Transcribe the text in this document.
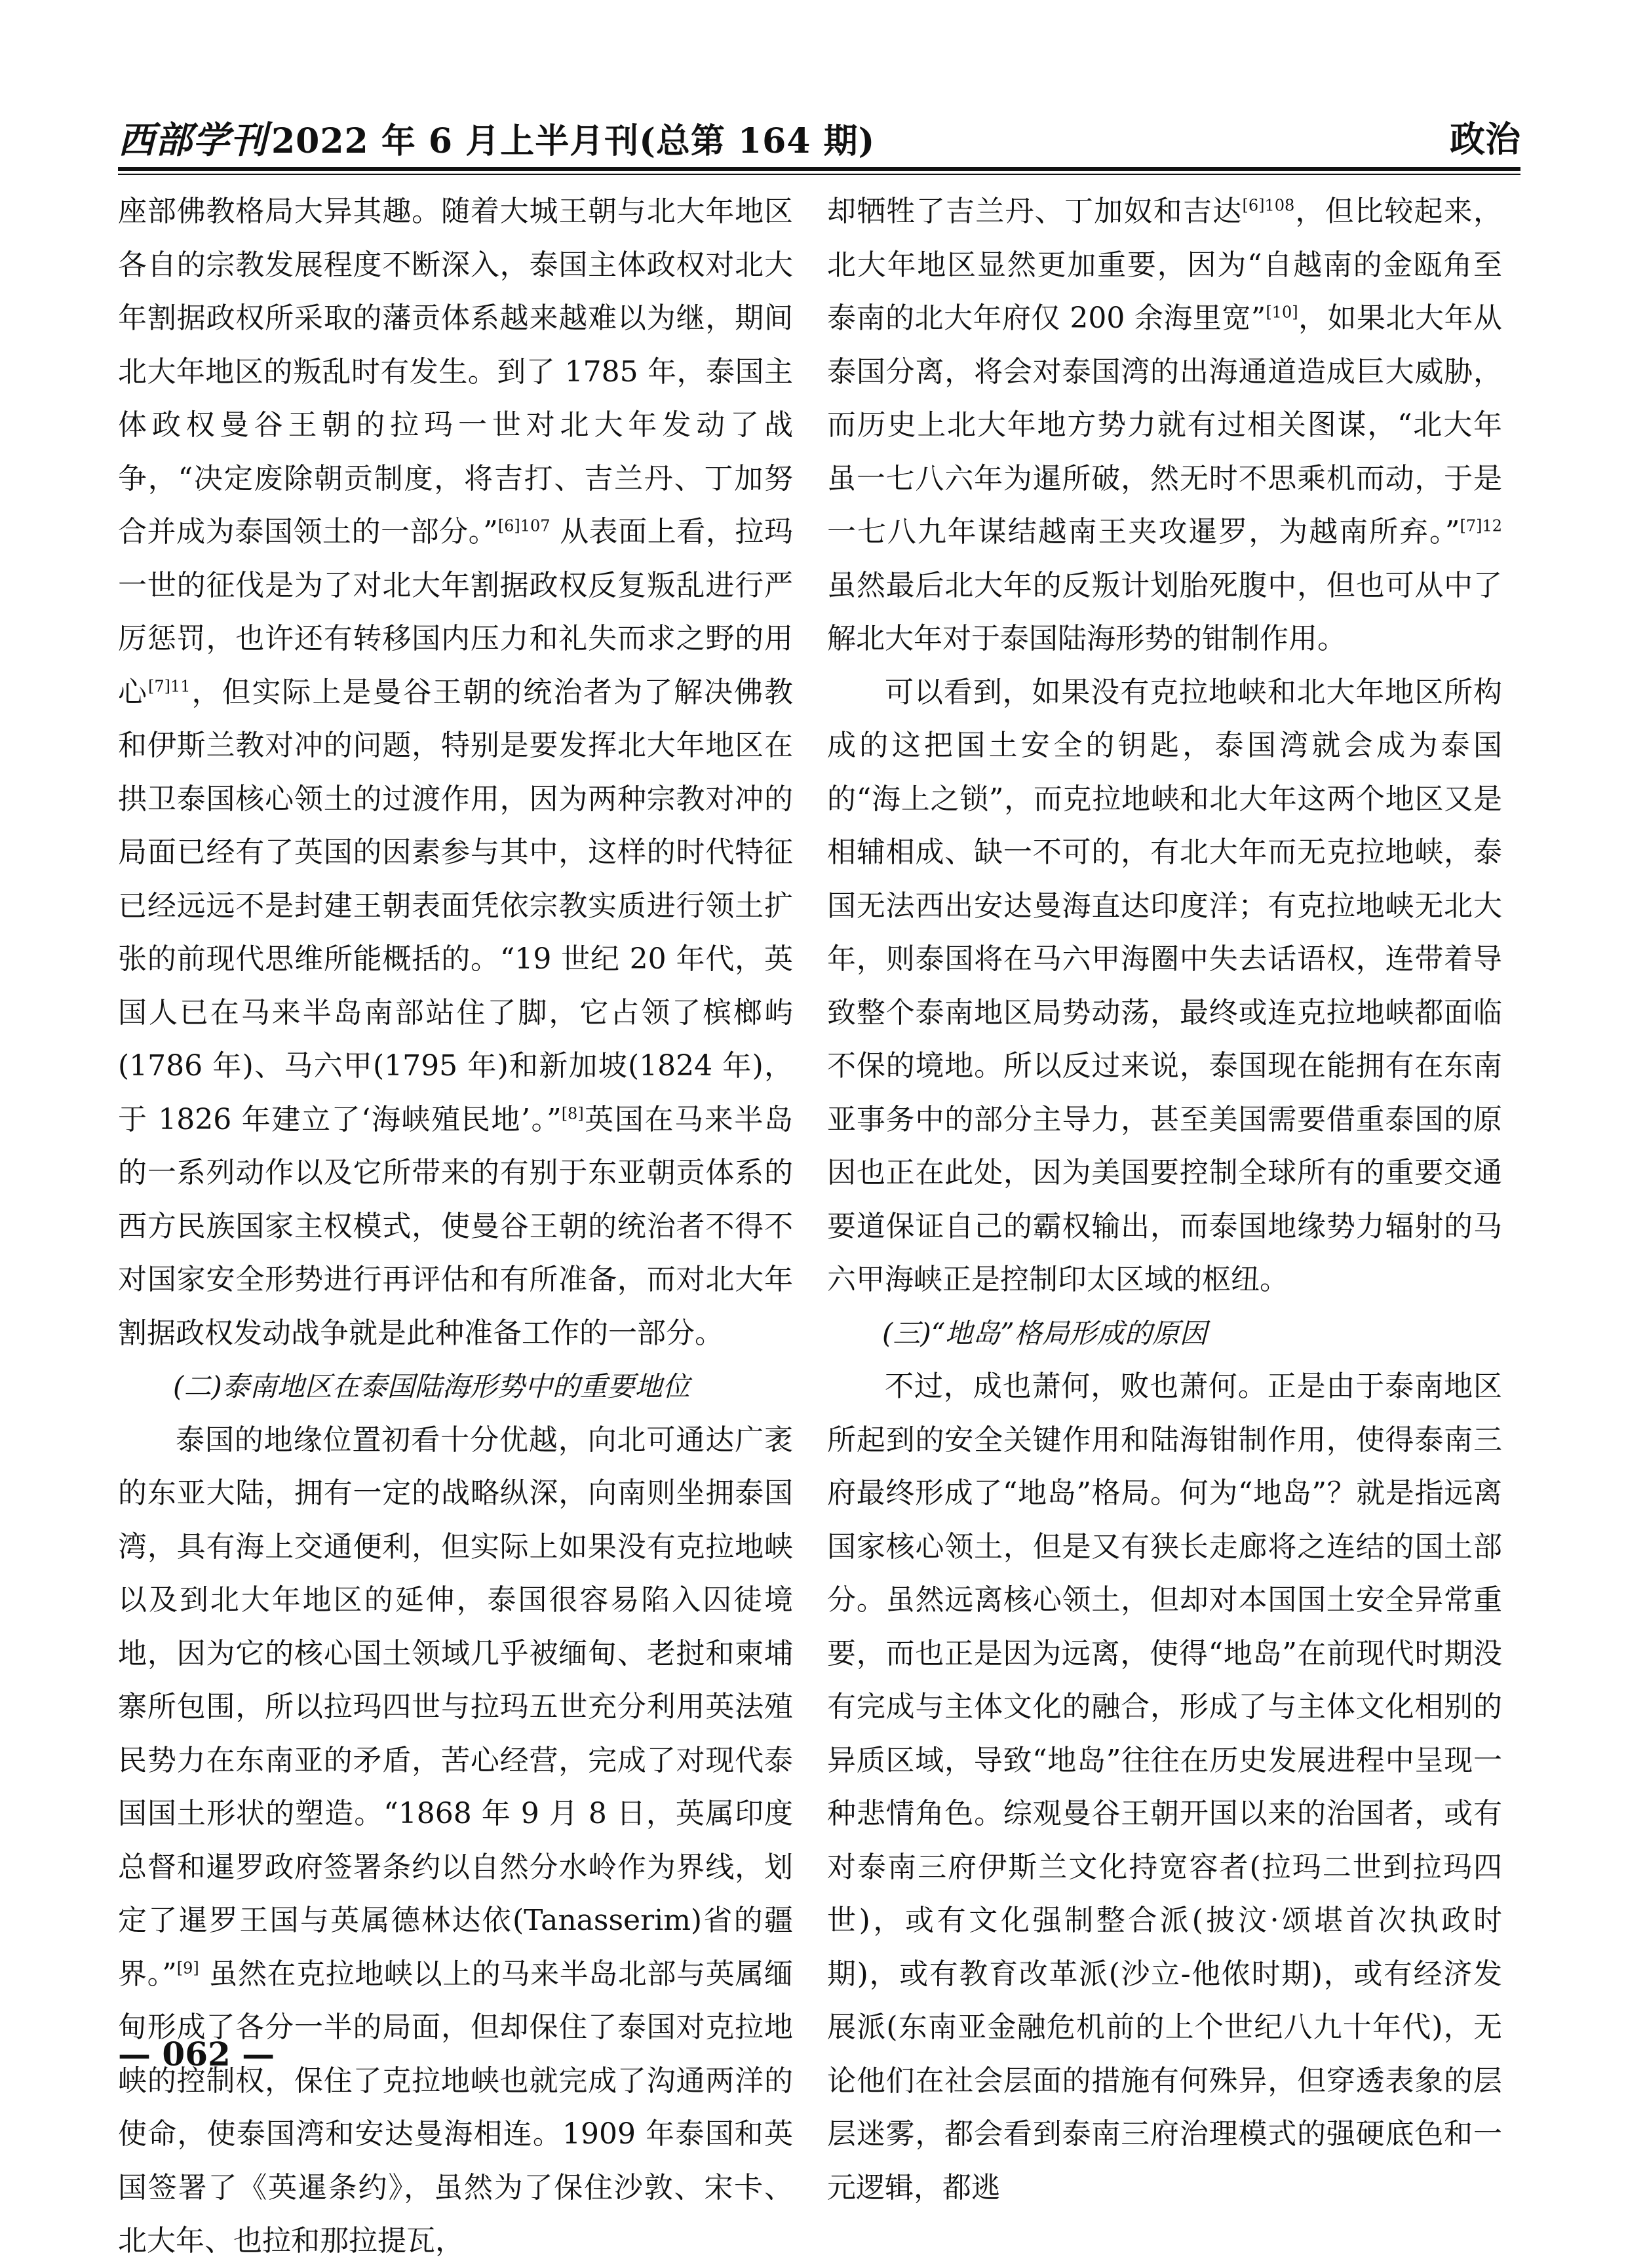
西部学刊 2022 年 6 月上半月刊(总第 164 期)	政治

座部佛教格局大异其趣。随着大城王朝与北大年地区各自的宗教发展程度不断深入，泰国主体政权对北大年割据政权所采取的藩贡体系越来越难以为继，期间北大年地区的叛乱时有发生。到了 1785 年，泰国主体政权曼谷王朝的拉玛一世对北大年发动了战争，“决定废除朝贡制度，将吉打、吉兰丹、丁加努合并成为泰国领土的一部分。”$^{[6]107}$ 从表面上看，拉玛一世的征伐是为了对北大年割据政权反复叛乱进行严厉惩罚，也许还有转移国内压力和礼失而求之野的用心$^{[7]11}$，但实际上是曼谷王朝的统治者为了解决佛教和伊斯兰教对冲的问题，特别是要发挥北大年地区在拱卫泰国核心领土的过渡作用，因为两种宗教对冲的局面已经有了英国的因素参与其中，这样的时代特征已经远远不是封建王朝表面凭依宗教实质进行领土扩张的前现代思维所能概括的。“19 世纪 20 年代，英国人已在马来半岛南部站住了脚，它占领了槟榔屿(1786 年)、马六甲(1795 年)和新加坡(1824 年)，于 1826 年建立了‘海峡殖民地’。”[8]英国在马来半岛的一系列动作以及它所带来的有别于东亚朝贡体系的西方民族国家主权模式，使曼谷王朝的统治者不得不对国家安全形势进行再评估和有所准备，而对北大年割据政权发动战争就是此种准备工作的一部分。

(二)泰南地区在泰国陆海形势中的重要地位

泰国的地缘位置初看十分优越，向北可通达广袤的东亚大陆，拥有一定的战略纵深，向南则坐拥泰国湾，具有海上交通便利，但实际上如果没有克拉地峡以及到北大年地区的延伸，泰国很容易陷入囚徒境地，因为它的核心国土领域几乎被缅甸、老挝和柬埔寨所包围，所以拉玛四世与拉玛五世充分利用英法殖民势力在东南亚的矛盾，苦心经营，完成了对现代泰国国土形状的塑造。“1868 年 9 月 8 日，英属印度总督和暹罗政府签署条约以自然分水岭作为界线，划定了暹罗王国与英属德林达依(Tanasserim)省的疆界。”[9] 虽然在克拉地峡以上的马来半岛北部与英属缅甸形成了各分一半的局面，但却保住了泰国对克拉地峡的控制权，保住了克拉地峡也就完成了沟通两洋的使命，使泰国湾和安达曼海相连。1909 年泰国和英国签署了《英暹条约》，虽然为了保住沙敦、宋卡、北大年、也拉和那拉提瓦，

却牺牲了吉兰丹、丁加奴和吉达$^{[6]108}$，但比较起来，北大年地区显然更加重要，因为“自越南的金瓯角至泰南的北大年府仅 200 余海里宽”[10]，如果北大年从泰国分离，将会对泰国湾的出海通道造成巨大威胁，而历史上北大年地方势力就有过相关图谋，“北大年虽一七八六年为暹所破，然无时不思乘机而动，于是一七八九年谋结越南王夹攻暹罗，为越南所弃。”$^{[7]12}$ 虽然最后北大年的反叛计划胎死腹中，但也可从中了解北大年对于泰国陆海形势的钳制作用。

可以看到，如果没有克拉地峡和北大年地区所构成的这把国土安全的钥匙，泰国湾就会成为泰国的“海上之锁”，而克拉地峡和北大年这两个地区又是相辅相成、缺一不可的，有北大年而无克拉地峡，泰国无法西出安达曼海直达印度洋；有克拉地峡无北大年，则泰国将在马六甲海圈中失去话语权，连带着导致整个泰南地区局势动荡，最终或连克拉地峡都面临不保的境地。所以反过来说，泰国现在能拥有在东南亚事务中的部分主导力，甚至美国需要借重泰国的原因也正在此处，因为美国要控制全球所有的重要交通要道保证自己的霸权输出，而泰国地缘势力辐射的马六甲海峡正是控制印太区域的枢纽。

(三)“地岛”格局形成的原因

不过，成也萧何，败也萧何。正是由于泰南地区所起到的安全关键作用和陆海钳制作用，使得泰南三府最终形成了“地岛”格局。何为“地岛”？就是指远离国家核心领土，但是又有狭长走廊将之连结的国土部分。虽然远离核心领土，但却对本国国土安全异常重要，而也正是因为远离，使得“地岛”在前现代时期没有完成与主体文化的融合，形成了与主体文化相别的异质区域，导致“地岛”往往在历史发展进程中呈现一种悲情角色。综观曼谷王朝开国以来的治国者，或有对泰南三府伊斯兰文化持宽容者(拉玛二世到拉玛四世)，或有文化强制整合派(披汶·颂堪首次执政时期)，或有教育改革派(沙立-他侬时期)，或有经济发展派(东南亚金融危机前的上个世纪八九十年代)，无论他们在社会层面的措施有何殊异，但穿透表象的层层迷雾，都会看到泰南三府治理模式的强硬底色和一元逻辑，都逃

— 062 —
